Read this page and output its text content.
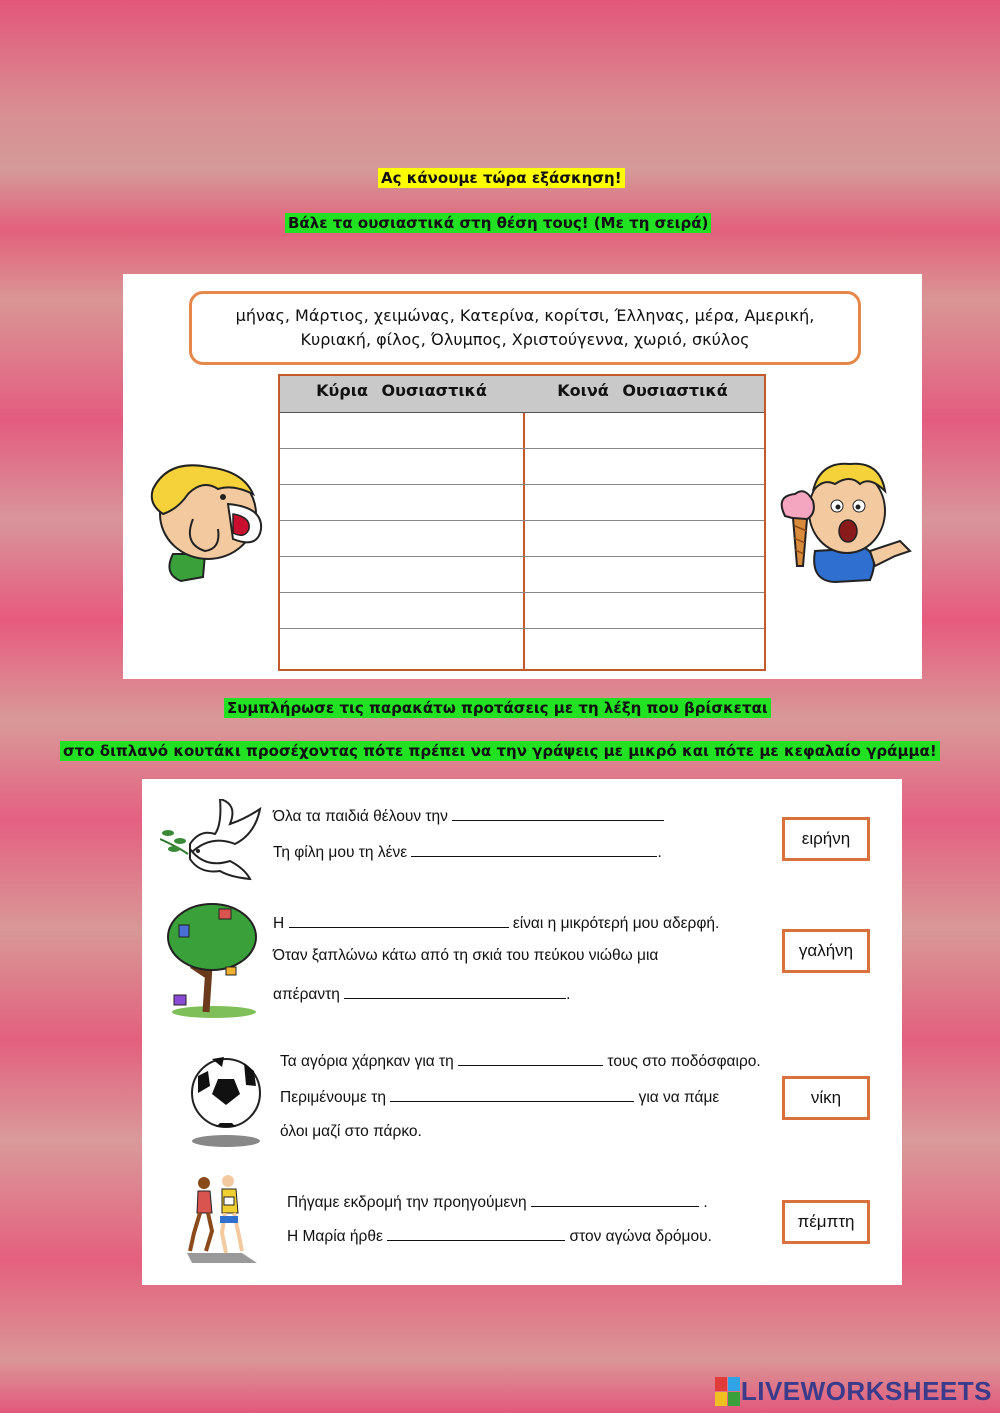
Ας κάνουμε τώρα εξάσκηση!
Βάλε τα ουσιαστικά στη θέση τους! (Με τη σειρά)
μήνας, Μάρτιος, χειμώνας, Κατερίνα, κορίτσι, Έλληνας, μέρα, Αμερική,
Κυριακή, φίλος, Όλυμπος, Χριστούγεννα, χωριό, σκύλος
Κύρια Ουσιαστικά	Κοινά Ουσιαστικά
Συμπλήρωσε τις παρακάτω προτάσεις με τη λέξη που βρίσκεται
στο διπλανό κουτάκι προσέχοντας πότε πρέπει να την γράψεις με μικρό και πότε με κεφαλαίο γράμμα!
Όλα τα παιδιά θέλουν την
Τη φίλη μου τη λένε	.
ειρήνη
Η	είναι η μικρότερή μου αδερφή.
Όταν ξαπλώνω κάτω από τη σκιά του πεύκου νιώθω μια
απέραντη	.
γαλήνη
Τα αγόρια χάρηκαν για τη	τους στο ποδόσφαιρο.
Περιμένουμε τη	για να πάμε
όλοι μαζί στο πάρκο.
νίκη
Πήγαμε εκδρομή την προηγούμενη	.
Η Μαρία ήρθε	στον αγώνα δρόμου.
πέμπτη
LIVEWORKSHEETS
